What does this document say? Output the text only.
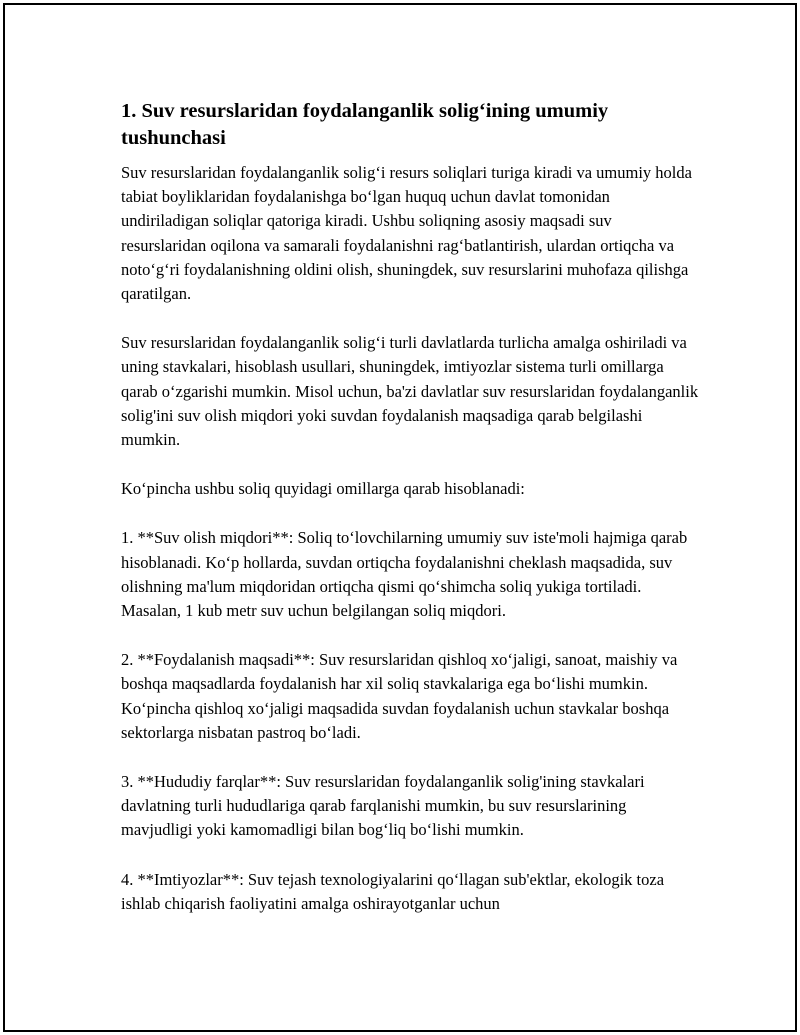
1. Suv resurslaridan foydalanganlik solig‘ining umumiy tushunchasi

Suv resurslaridan foydalanganlik solig‘i resurs soliqlari turiga kiradi va umumiy holda tabiat boyliklaridan foydalanishga bo‘lgan huquq uchun davlat tomonidan undiriladigan soliqlar qatoriga kiradi. Ushbu soliqning asosiy maqsadi suv resurslaridan oqilona va samarali foydalanishni rag‘batlantirish, ulardan ortiqcha va noto‘g‘ri foydalanishning oldini olish, shuningdek, suv resurslarini muhofaza qilishga qaratilgan.

Suv resurslaridan foydalanganlik solig‘i turli davlatlarda turlicha amalga oshiriladi va uning stavkalari, hisoblash usullari, shuningdek, imtiyozlar sistema turli omillarga qarab o‘zgarishi mumkin. Misol uchun, ba'zi davlatlar suv resurslaridan foydalanganlik solig'ini suv olish miqdori yoki suvdan foydalanish maqsadiga qarab belgilashi mumkin.

Ko‘pincha ushbu soliq quyidagi omillarga qarab hisoblanadi:

1. **Suv olish miqdori**: Soliq to‘lovchilarning umumiy suv iste'moli hajmiga qarab hisoblanadi. Ko‘p hollarda, suvdan ortiqcha foydalanishni cheklash maqsadida, suv olishning ma'lum miqdoridan ortiqcha qismi qo‘shimcha soliq yukiga tortiladi. Masalan, 1 kub metr suv uchun belgilangan soliq miqdori.

2. **Foydalanish maqsadi**: Suv resurslaridan qishloq xo‘jaligi, sanoat, maishiy va boshqa maqsadlarda foydalanish har xil soliq stavkalariga ega bo‘lishi mumkin. Ko‘pincha qishloq xo‘jaligi maqsadida suvdan foydalanish uchun stavkalar boshqa sektorlarga nisbatan pastroq bo‘ladi.

3. **Hududiy farqlar**: Suv resurslaridan foydalanganlik solig'ining stavkalari davlatning turli hududlariga qarab farqlanishi mumkin, bu suv resurslarining mavjudligi yoki kamomadligi bilan bog‘liq bo‘lishi mumkin.

4. **Imtiyozlar**: Suv tejash texnologiyalarini qo‘llagan sub'ektlar, ekologik toza ishlab chiqarish faoliyatini amalga oshirayotganlar uchun
